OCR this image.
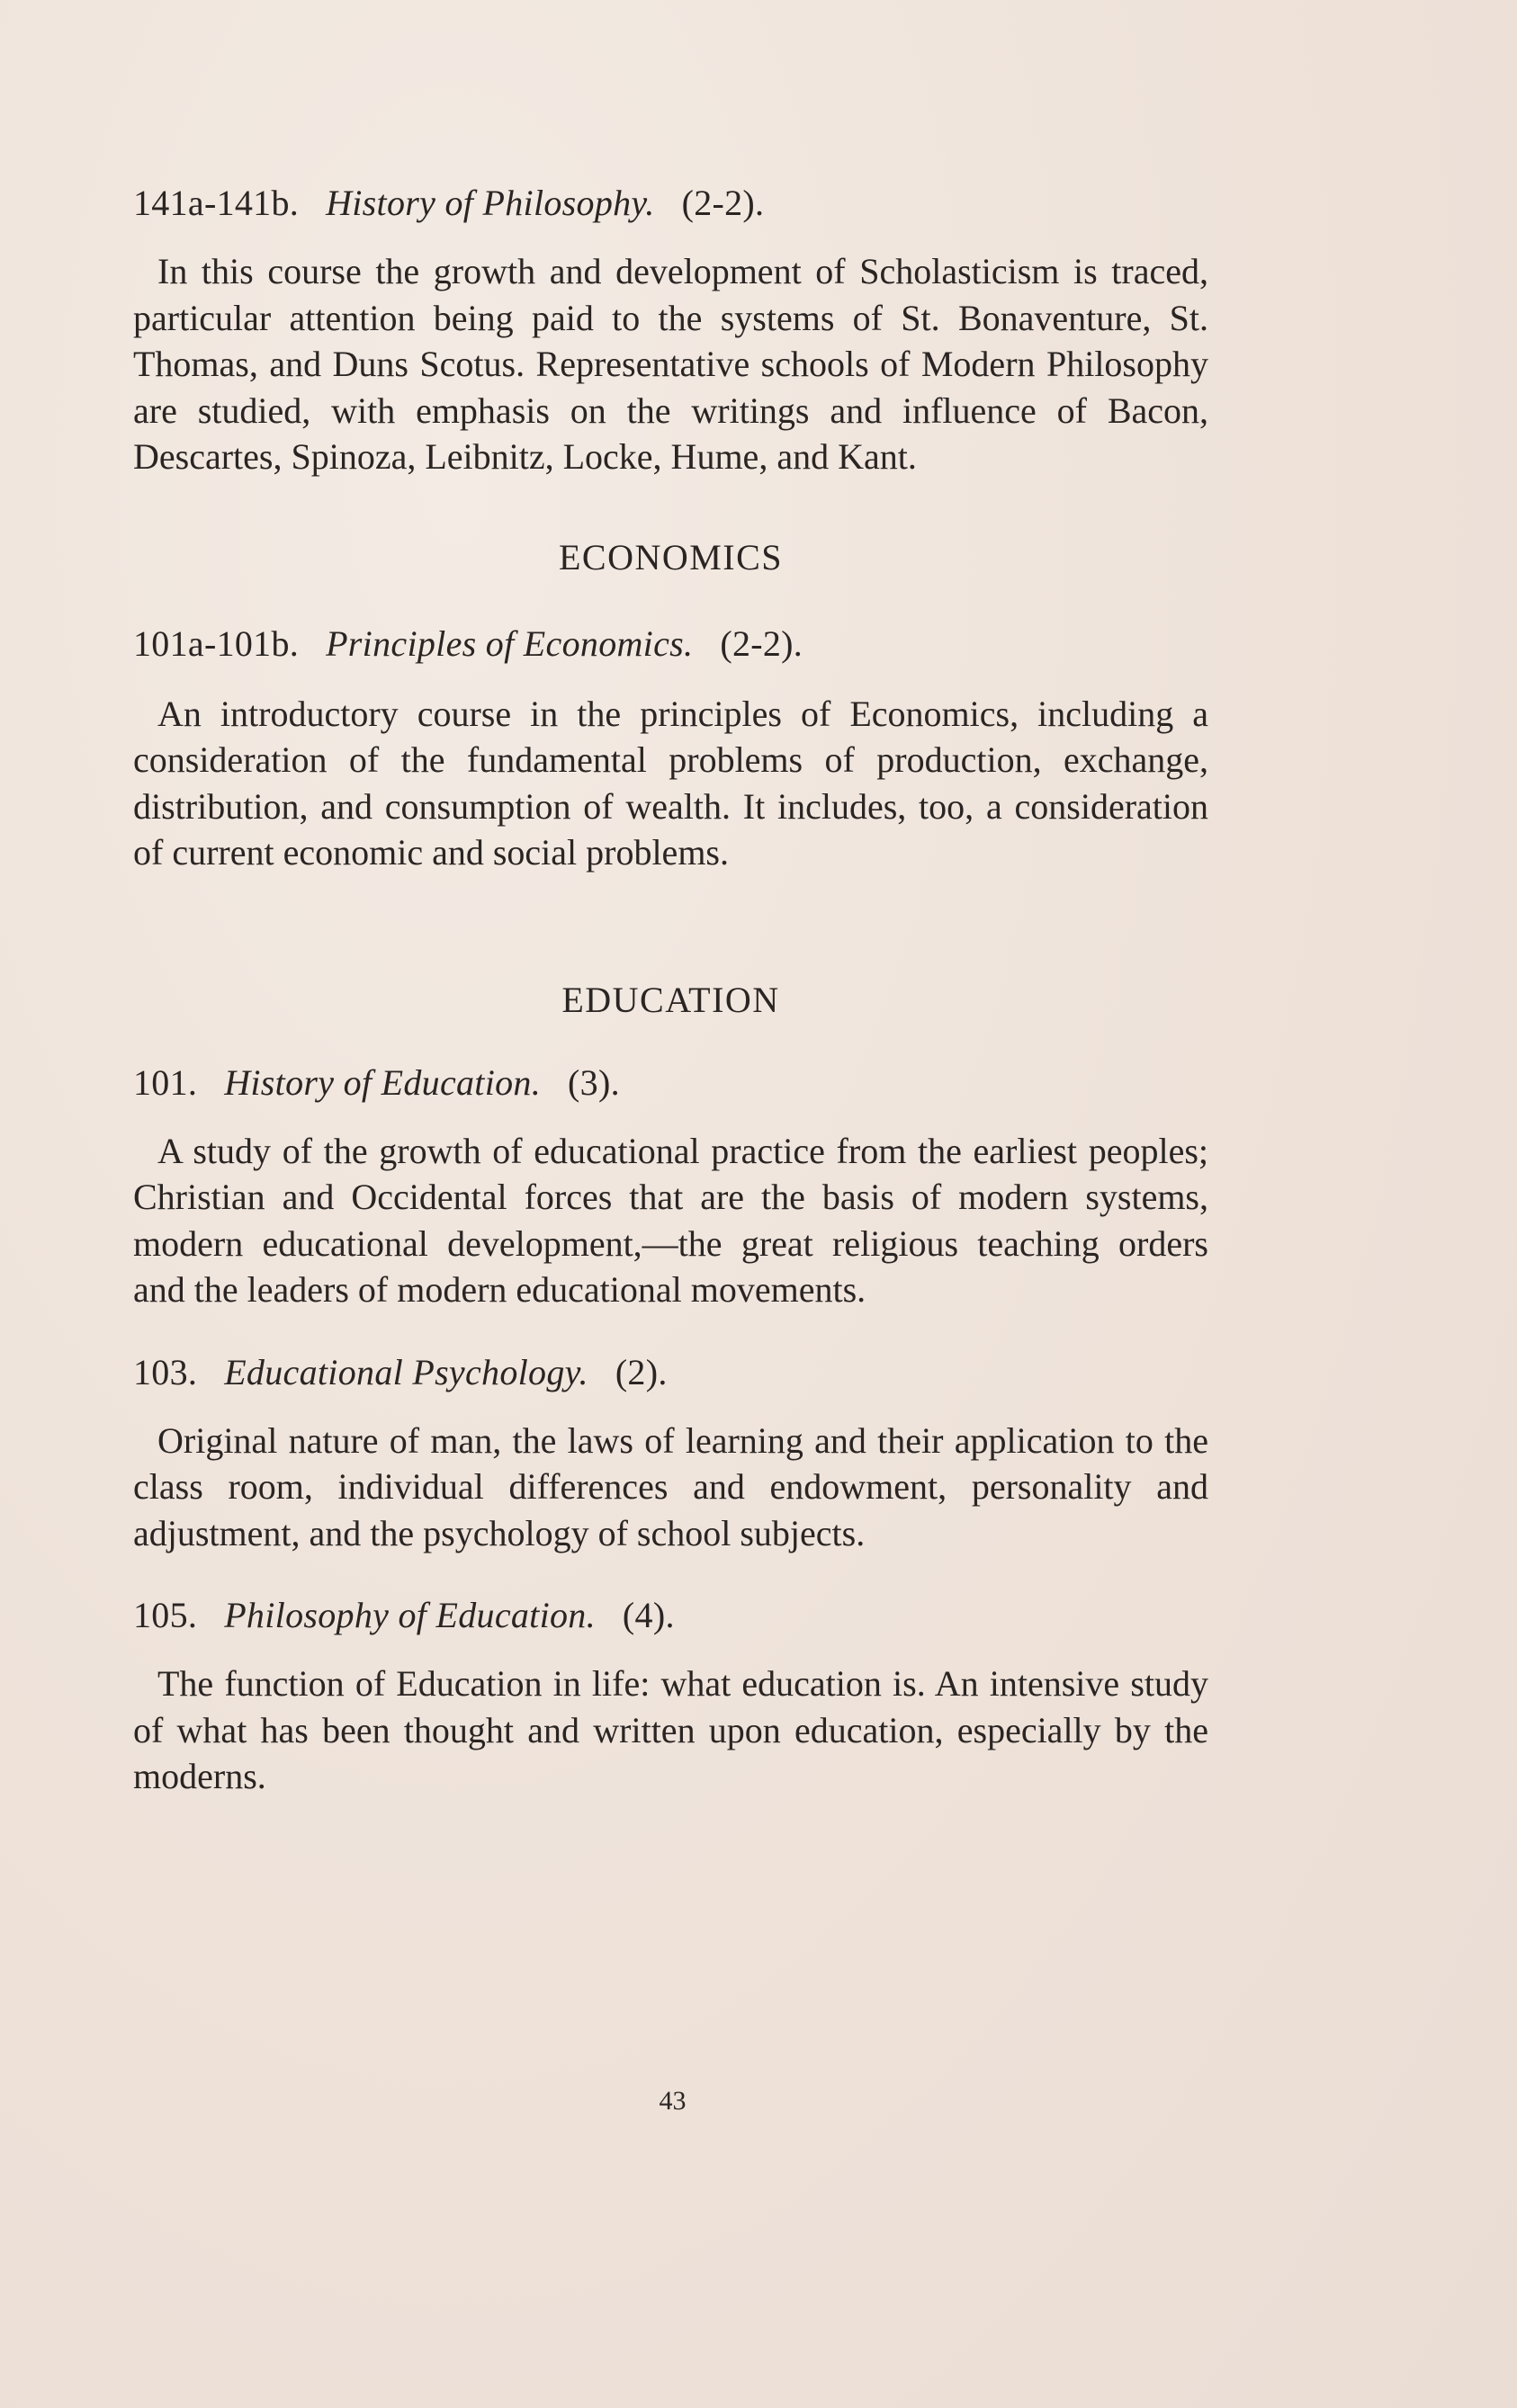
141a-141b. History of Philosophy. (2-2).

In this course the growth and development of Scholasticism is traced, particular attention being paid to the systems of St. Bonaventure, St. Thomas, and Duns Scotus. Representative schools of Modern Philosophy are studied, with emphasis on the writings and influence of Bacon, Descartes, Spinoza, Leibnitz, Locke, Hume, and Kant.

ECONOMICS

101a-101b. Principles of Economics. (2-2).

An introductory course in the principles of Economics, including a consideration of the fundamental problems of production, exchange, distribution, and consumption of wealth. It includes, too, a consideration of current economic and social problems.

EDUCATION

101. History of Education. (3).

A study of the growth of educational practice from the earliest peoples; Christian and Occidental forces that are the basis of modern systems, modern educational development,—the great religious teaching orders and the leaders of modern educational movements.

103. Educational Psychology. (2).

Original nature of man, the laws of learning and their application to the class room, individual differences and endowment, personality and adjustment, and the psychology of school subjects.

105. Philosophy of Education. (4).

The function of Education in life: what education is. An intensive study of what has been thought and written upon education, especially by the moderns.

43
